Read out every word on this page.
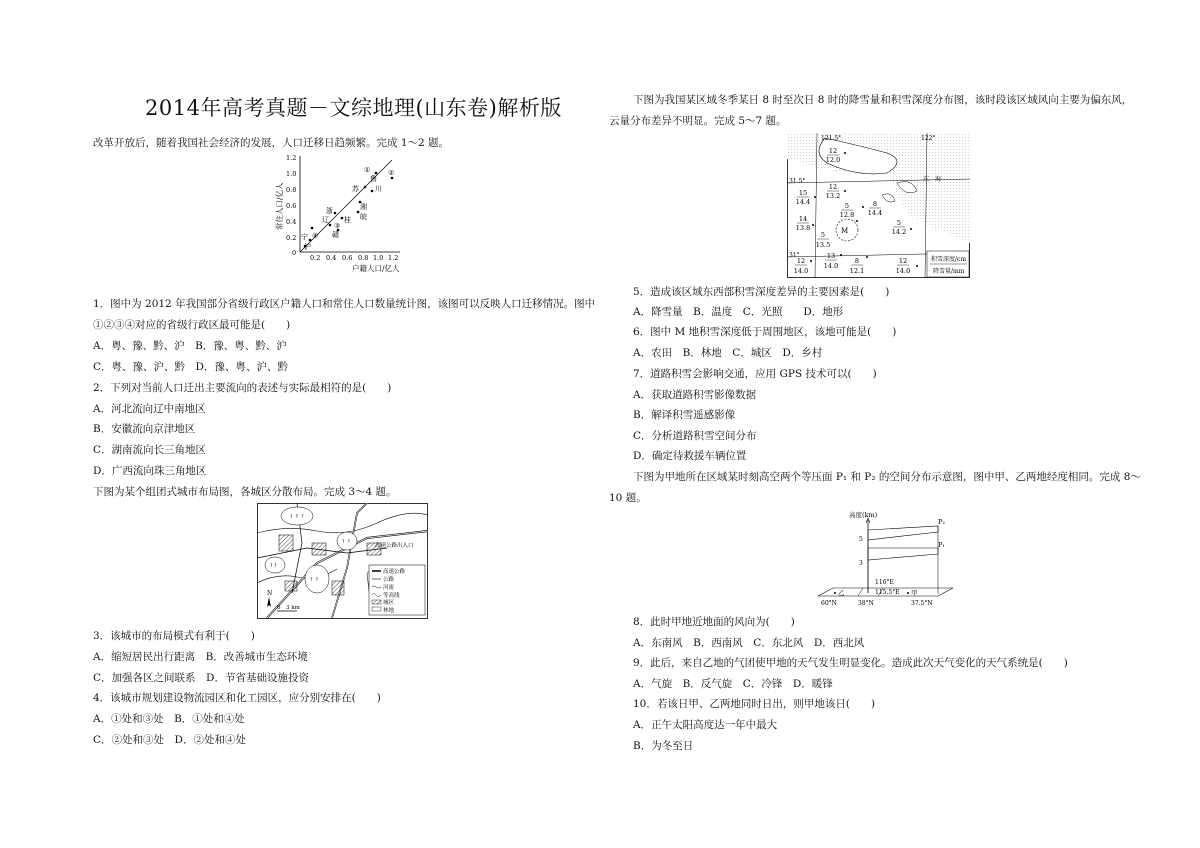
2014年高考真题－文综地理(山东卷)解析版
改革开放后，随着我国社会经济的发展，人口迁移日趋频繁。完成 1～2 题。
1.2
1.0
0.8
0.6
0.4
0.2
0
0.2 0.4 0.6 0.8 1.0 1.2
常住人口/亿人
户籍人口/亿人
①	②
③
④
鲁
川
苏
湘
皖
浙
辽 桂
赣
宁
沪
1．图中为 2012 年我国部分省级行政区户籍人口和常住人口数量统计图，该图可以反映人口迁移情况。图中
①②③④对应的省级行政区最可能是(　　)
A．粤、豫、黔、沪　B．豫、粤、黔、沪
C．粤、豫、沪、黔　D．豫、粤、沪、黔
2．下列对当前人口迁出主要流向的表述与实际最相符的是(　　)
A．河北流向辽中南地区
B．安徽流向京津地区
C．湖南流向长三角地区
D．广西流向珠三角地区
下图为某个组团式城市布局图，各城区分散布局。完成 3～4 题。
↑ ↑ ↑
↑ ↑
↑ ↑
↑↑
高速公路
公路
河流
等高线
城区
林地
高速公路出入口
N
0　3 km
3．该城市的布局模式有利于(　　)
A．缩短居民出行距离　B．改善城市生态环境
C．加强各区之间联系　D．节省基础设施投资
4．该城市规划建设物流园区和化工园区，应分别安排在(　　)
A．①处和③处　B．①处和④处
C．②处和③处　D．②处和④处
下图为我国某区域冬季某日 8 时至次日 8 时的降雪量和积雪深度分布图，该时段该区域风向主要为偏东风，
云量分布差异不明显。完成 5～7 题。
121.5°	122°
31.5°
31°
东　海
M
12
12.0
12
13.2
8
14.4
15
14.4	5
12.8
14
13.8
5
14.2
5
13.5
12
14.0
13
14.0
8
12.1
12
14.0
积雪深度/cm
降雪量/mm
5．造成该区域东西部积雪深度差异的主要因素是(　　)
A．降雪量　B．温度　C．光照　　D．地形
6．图中 M 地积雪深度低于周围地区，该地可能是(　　)
A．农田　B．林地　C．城区　D．乡村
7．道路积雪会影响交通，应用 GPS 技术可以(　　)
A．获取道路积雪影像数据
B．解译积雪遥感影像
C．分析道路积雪空间分布
D．确定待救援车辆位置
下图为甲地所在区域某时刻高空两个等压面 P₁ 和 P₂ 的空间分布示意图，图中甲、乙两地经度相同。完成 8～
10 题。
高度(km)
5
3
P₂
P₁
116°E
115.5°E
乙	甲
60°N	38°N	37.5°N
8．此时甲地近地面的风向为(　　)
A．东南风　B．西南风　C．东北风　D．西北风
9．此后，来自乙地的气团使甲地的天气发生明显变化。造成此次天气变化的天气系统是(　　)
A．气旋　B．反气旋　C．冷锋　D．暖锋
10．若该日甲、乙两地同时日出，则甲地该日(　　)
A．正午太阳高度达一年中最大
B．为冬至日
